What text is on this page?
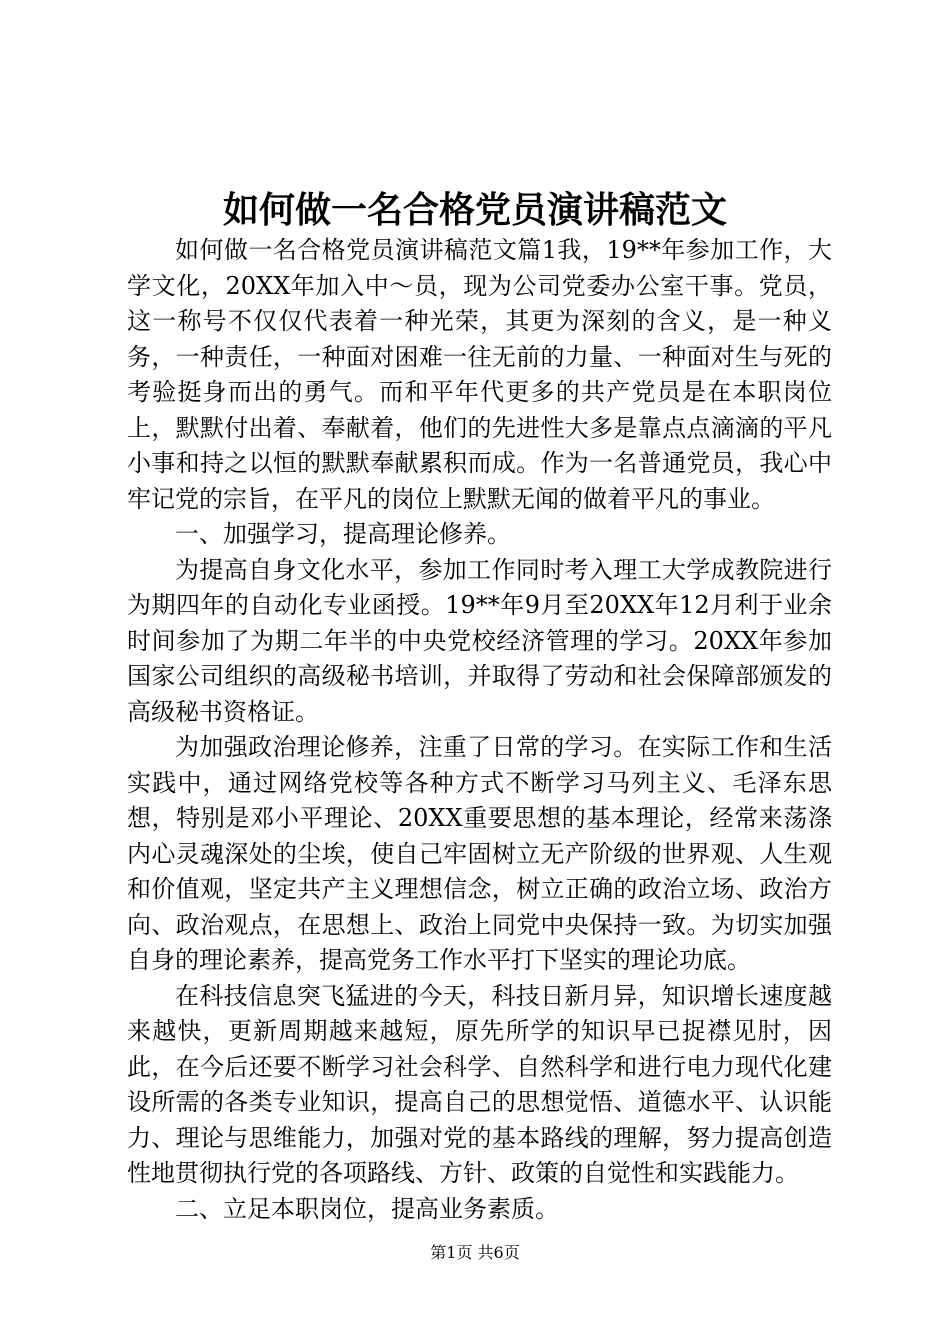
如何做一名合格党员演讲稿范文

如何做一名合格党员演讲稿范文篇1我，19**年参加工作，大学文化，20XX年加入中～员，现为公司党委办公室干事。党员，这一称号不仅仅代表着一种光荣，其更为深刻的含义，是一种义务，一种责任，一种面对困难一往无前的力量、一种面对生与死的考验挺身而出的勇气。而和平年代更多的共产党员是在本职岗位上，默默付出着、奉献着，他们的先进性大多是靠点点滴滴的平凡小事和持之以恒的默默奉献累积而成。作为一名普通党员，我心中牢记党的宗旨，在平凡的岗位上默默无闻的做着平凡的事业。

一、加强学习，提高理论修养。

为提高自身文化水平，参加工作同时考入理工大学成教院进行为期四年的自动化专业函授。19**年9月至20XX年12月利于业余时间参加了为期二年半的中央党校经济管理的学习。20XX年参加国家公司组织的高级秘书培训，并取得了劳动和社会保障部颁发的高级秘书资格证。

为加强政治理论修养，注重了日常的学习。在实际工作和生活实践中，通过网络党校等各种方式不断学习马列主义、毛泽东思想，特别是邓小平理论、20XX重要思想的基本理论，经常来荡涤内心灵魂深处的尘埃，使自己牢固树立无产阶级的世界观、人生观和价值观，坚定共产主义理想信念，树立正确的政治立场、政治方向、政治观点，在思想上、政治上同党中央保持一致。为切实加强自身的理论素养，提高党务工作水平打下坚实的理论功底。

在科技信息突飞猛进的今天，科技日新月异，知识增长速度越来越快，更新周期越来越短，原先所学的知识早已捉襟见肘，因此，在今后还要不断学习社会科学、自然科学和进行电力现代化建设所需的各类专业知识，提高自己的思想觉悟、道德水平、认识能力、理论与思维能力，加强对党的基本路线的理解，努力提高创造性地贯彻执行党的各项路线、方针、政策的自觉性和实践能力。

二、立足本职岗位，提高业务素质。

第1页 共6页
